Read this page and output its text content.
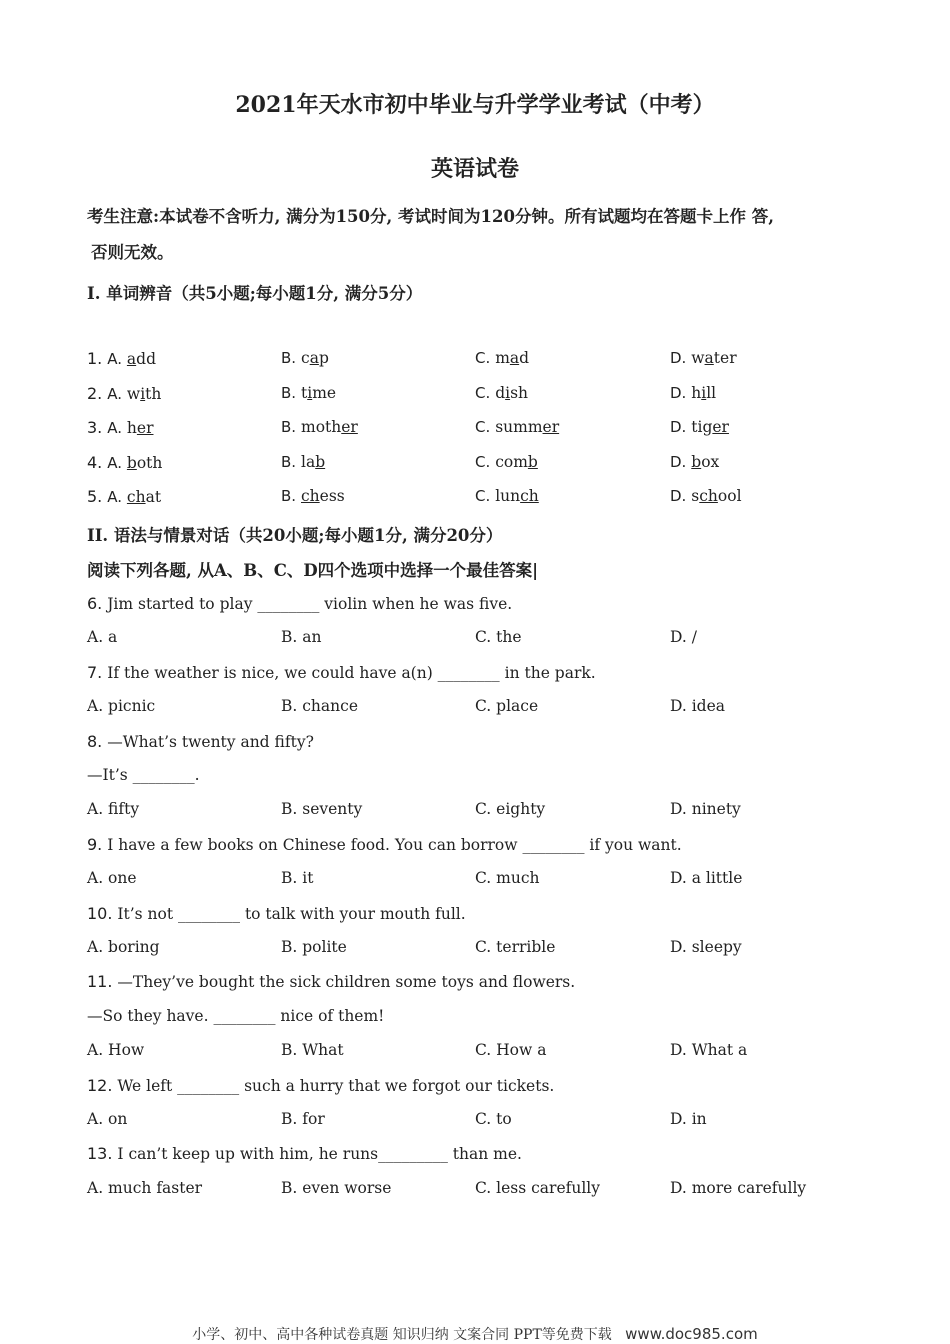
2021年天水市初中毕业与升学学业考试（中考）
英语试卷
考生注意:本试卷不含听力, 满分为150分, 考试时间为120分钟。所有试题均在答题卡上作 答,
否则无效。
I. 单词辨音（共5小题;每小题1分, 满分5分）
1. A. add	B. cap	C. mad	D. water
2. A. with	B. time	C. dish	D. hill
3. A. her	B. mother	C. summer	D. tiger
4. A. both	B. lab	C. comb	D. box
5. A. chat	B. chess	C. lunch	D. school
II. 语法与情景对话（共20小题;每小题1分, 满分20分）
阅读下列各题, 从A、B、C、D四个选项中选择一个最佳答案|
6. Jim started to play ________ violin when he was five.
A. a	B. an	C. the	D. /
7. If the weather is nice, we could have a(n) ________ in the park.
A. picnic	B. chance	C. place	D. idea
8. —What’s twenty and fifty?
—It’s ________.
A. fifty	B. seventy	C. eighty	D. ninety
9. I have a few books on Chinese food. You can borrow ________ if you want.
A. one	B. it	C. much	D. a little
10. It’s not ________ to talk with your mouth full.
A. boring	B. polite	C. terrible	D. sleepy
11. —They’ve bought the sick children some toys and flowers.
—So they have. ________ nice of them!
A. How	B. What	C. How a	D. What a
12. We left ________ such a hurry that we forgot our tickets.
A. on	B. for	C. to	D. in
13. I can’t keep up with him, he runs_________ than me.
A. much faster	B. even worse	C. less carefully	D. more carefully
小学、初中、高中各种试卷真题 知识归纳 文案合同 PPT等免费下载 www.doc985.com
